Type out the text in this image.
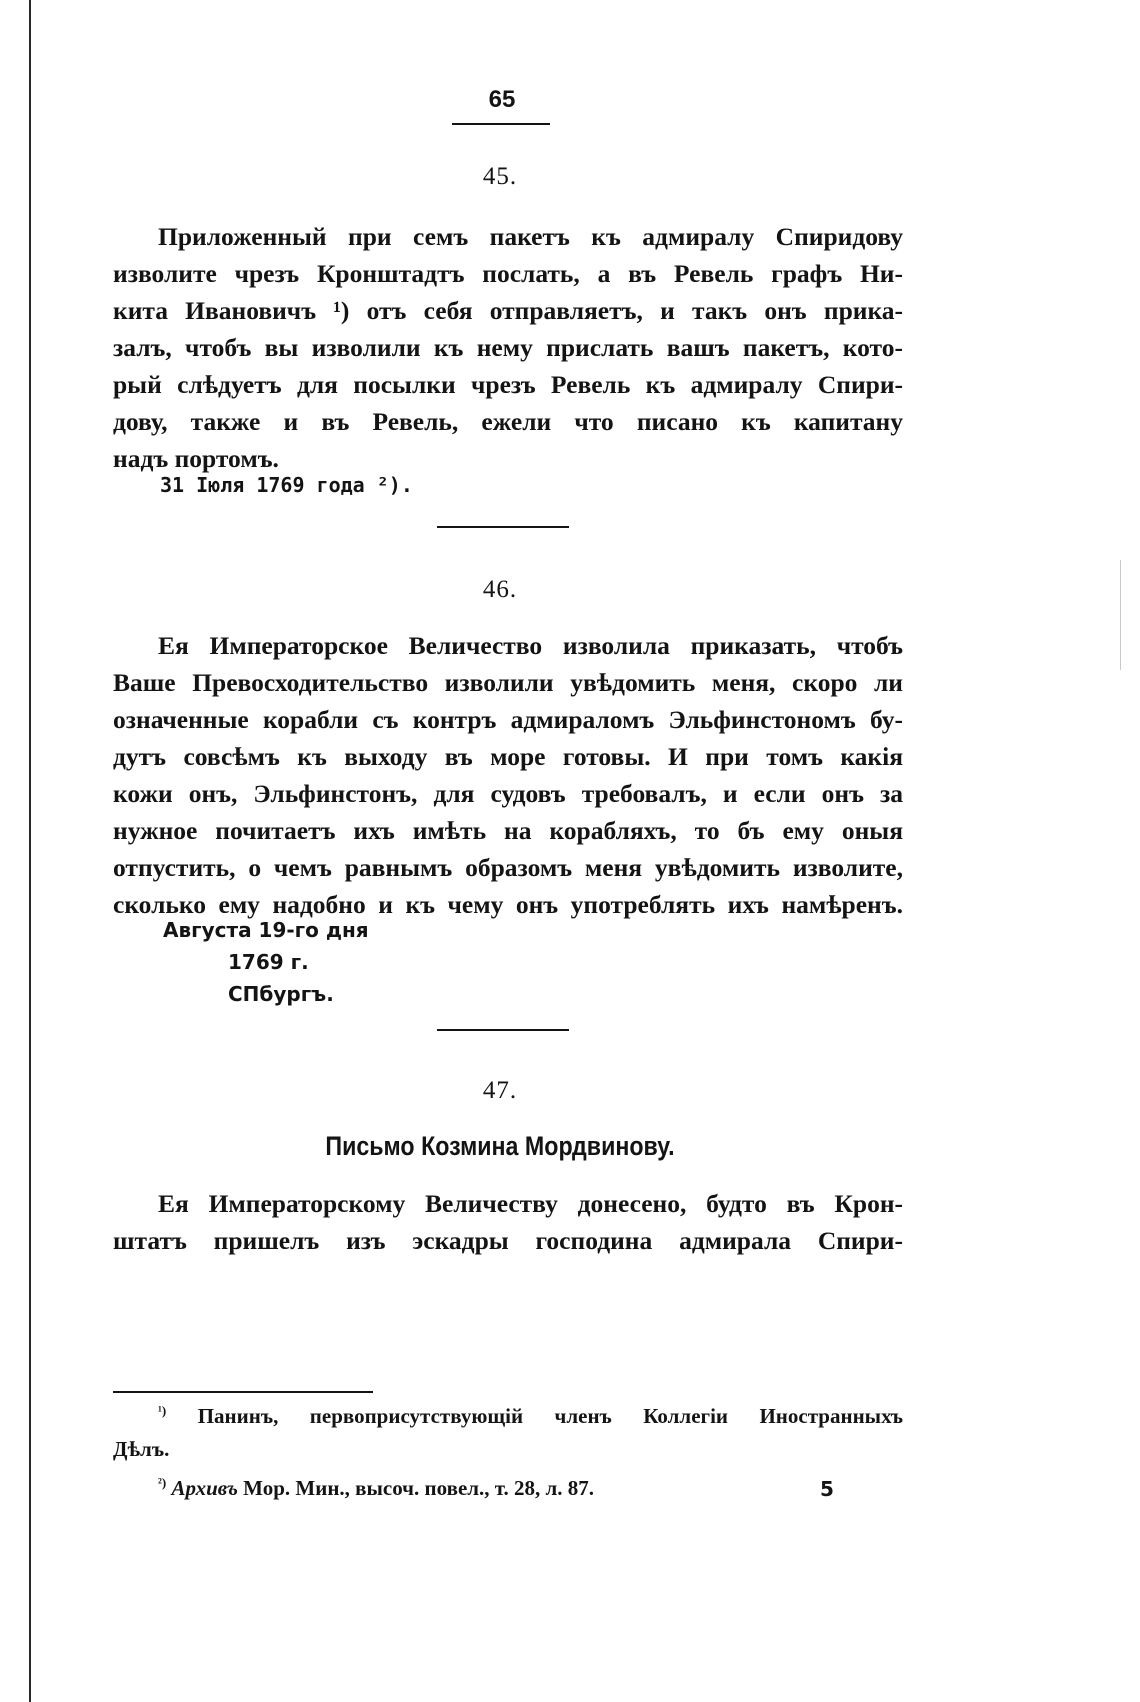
65
45.
Приложенный при семъ пакетъ къ адмиралу Спиридову
изволите чрезъ Кронштадтъ послать, а въ Ревель графъ Ни-
кита Ивановичъ ¹) отъ себя отправляетъ, и такъ онъ прика-
залъ, чтобъ вы изволили къ нему прислать вашъ пакетъ, кото-
рый слѣдуетъ для посылки чрезъ Ревель къ адмиралу Спири-
дову, также и въ Ревель, ежели что писано къ капитану
надъ портомъ.
31 Іюля 1769 года ²).
46.
Ея Императорское Величество изволила приказать, чтобъ
Ваше Превосходительство изволили увѣдомить меня, скоро ли
означенные корабли съ контръ адмираломъ Эльфинстономъ бу-
дутъ совсѣмъ къ выходу въ море готовы. И при томъ какія
кожи онъ, Эльфинстонъ, для судовъ требовалъ, и если онъ за
нужное почитаетъ ихъ имѣть на корабляхъ, то бъ ему оныя
отпустить, о чемъ равнымъ образомъ меня увѣдомить изволите,
сколько ему надобно и къ чему онъ употреблять ихъ намѣренъ.
Августа 19-го дня
1769 г.
СПбургъ.
47.
Письмо Козмина Мордвинову.
Ея Императорскому Величеству донесено, будто въ Крон-
штатъ пришелъ изъ эскадры господина адмирала Спири-
$^{^1)}$ Панинъ, первоприсутствующій членъ Коллегіи Иностранныхъ
Дѣлъ.
$^{^2)}$ Архивъ Мор. Мин., высоч. повел., т. 28, л. 87.	5
